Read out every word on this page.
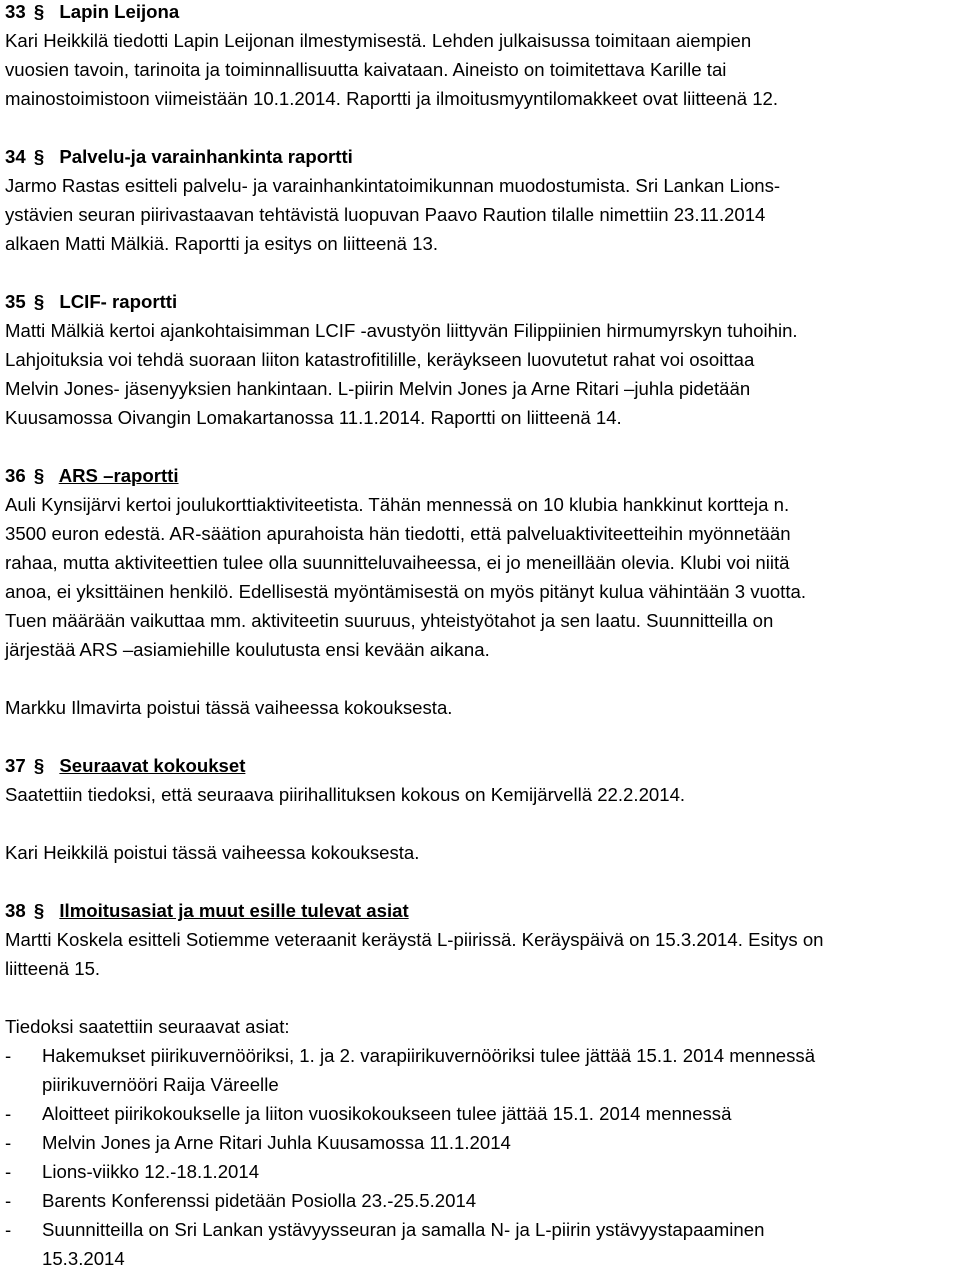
33 § Lapin Leijona
Kari Heikkilä tiedotti Lapin Leijonan ilmestymisestä. Lehden julkaisussa toimitaan aiempien
vuosien tavoin, tarinoita ja toiminnallisuutta kaivataan. Aineisto on toimitettava Karille tai
mainostoimistoon viimeistään 10.1.2014. Raportti ja ilmoitusmyyntilomakkeet ovat liitteenä 12.
34 § Palvelu-ja varainhankinta raportti
Jarmo Rastas esitteli palvelu- ja varainhankintatoimikunnan muodostumista. Sri Lankan Lions-
ystävien seuran piirivastaavan tehtävistä luopuvan Paavo Raution tilalle nimettiin 23.11.2014
alkaen Matti Mälkiä. Raportti ja esitys on liitteenä 13.
35 § LCIF- raportti
Matti Mälkiä kertoi ajankohtaisimman LCIF -avustyön liittyvän Filippiinien hirmumyrskyn tuhoihin.
Lahjoituksia voi tehdä suoraan liiton katastrofitilille, keräykseen luovutetut rahat voi osoittaa
Melvin Jones- jäsenyyksien hankintaan. L-piirin Melvin Jones ja Arne Ritari –juhla pidetään
Kuusamossa Oivangin Lomakartanossa 11.1.2014. Raportti on liitteenä 14.
36 § ARS –raportti
Auli Kynsijärvi kertoi joulukorttiaktiviteetista. Tähän mennessä on 10 klubia hankkinut kortteja n.
3500 euron edestä. AR-säätion apurahoista hän tiedotti, että palveluaktiviteetteihin myönnetään
rahaa, mutta aktiviteettien tulee olla suunnitteluvaiheessa, ei jo meneillään olevia. Klubi voi niitä
anoa, ei yksittäinen henkilö. Edellisestä myöntämisestä on myös pitänyt kulua vähintään 3 vuotta.
Tuen määrään vaikuttaa mm. aktiviteetin suuruus, yhteistyötahot ja sen laatu. Suunnitteilla on
järjestää ARS –asiamiehille koulutusta ensi kevään aikana.
Markku Ilmavirta poistui tässä vaiheessa kokouksesta.
37 § Seuraavat kokoukset
Saatettiin tiedoksi, että seuraava piirihallituksen kokous on Kemijärvellä 22.2.2014.
Kari Heikkilä poistui tässä vaiheessa kokouksesta.
38 § Ilmoitusasiat ja muut esille tulevat asiat
Martti Koskela esitteli Sotiemme veteraanit keräystä L-piirissä. Keräyspäivä on 15.3.2014. Esitys on
liitteenä 15.
Tiedoksi saatettiin seuraavat asiat:
- Hakemukset piirikuvernööriksi, 1. ja 2. varapiirikuvernööriksi tulee jättää 15.1. 2014 mennessä
piirikuvernööri Raija Väreelle
- Aloitteet piirikokoukselle ja liiton vuosikokoukseen tulee jättää 15.1. 2014 mennessä
- Melvin Jones ja Arne Ritari Juhla Kuusamossa 11.1.2014
- Lions-viikko 12.-18.1.2014
- Barents Konferenssi pidetään Posiolla 23.-25.5.2014
- Suunnitteilla on Sri Lankan ystävyysseuran ja samalla N- ja L-piirin ystävyystapaaminen
15.3.2014
